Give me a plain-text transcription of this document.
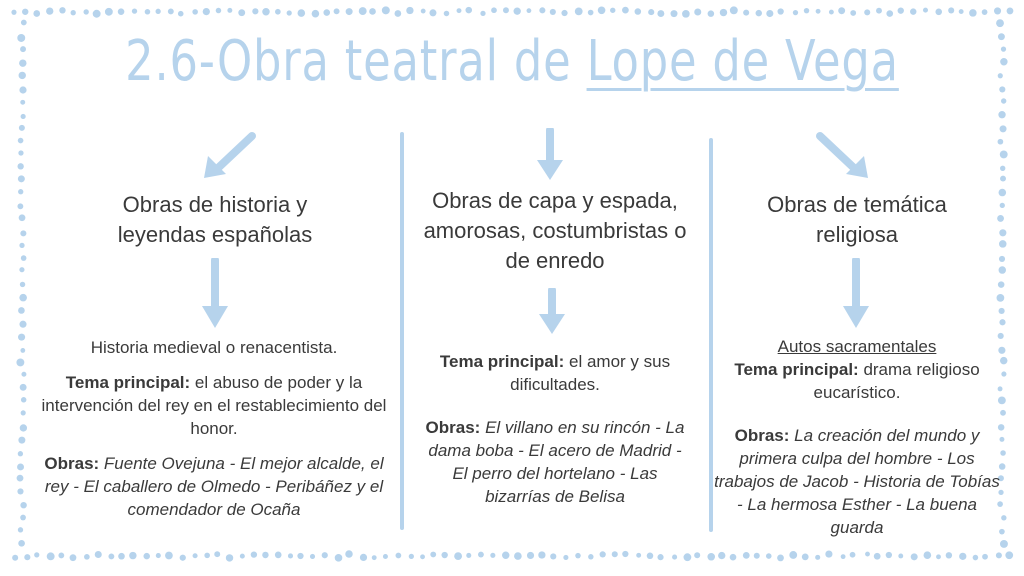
2.6-Obra teatral de Lope de Vega
Obras de historia y leyendas españolas

Historia medieval o renacentista.

Tema principal: el abuso de poder y la intervención del rey en el restablecimiento del honor.

Obras: Fuente Ovejuna - El mejor alcalde, el rey - El caballero de Olmedo - Peribáñez y el comendador de Ocaña

Obras de capa y espada, amorosas, costumbristas o de enredo

Tema principal: el amor y sus dificultades.

Obras: El villano en su rincón - La dama boba - El acero de Madrid - El perro del hortelano - Las bizarrías de Belisa

Obras de temática religiosa

Autos sacramentales

Tema principal: drama religioso eucarístico.

Obras: La creación del mundo y primera culpa del hombre - Los trabajos de Jacob - Historia de Tobías - La hermosa Esther - La buena guarda
